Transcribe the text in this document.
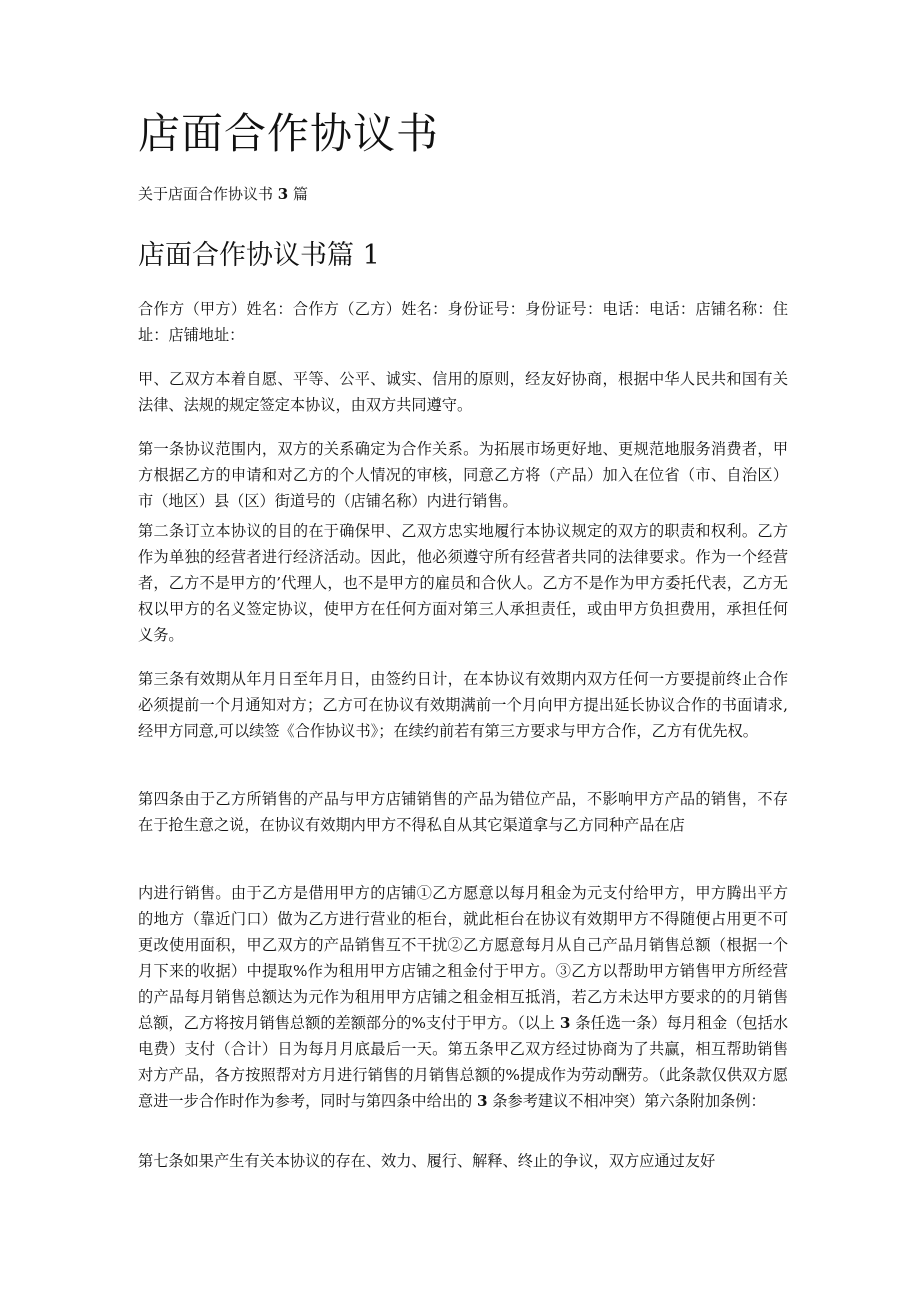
店面合作协议书

关于店面合作协议书 3 篇

店面合作协议书篇 1

合作方（甲方）姓名：合作方（乙方）姓名：身份证号：身份证号：电话：电话：店铺名称：住址：店铺地址：

甲、乙双方本着自愿、平等、公平、诚实、信用的原则，经友好协商，根据中华人民共和国有关法律、法规的规定签定本协议，由双方共同遵守。

第一条协议范围内，双方的关系确定为合作关系。为拓展市场更好地、更规范地服务消费者，甲方根据乙方的申请和对乙方的个人情况的审核，同意乙方将（产品）加入在位省（市、自治区）市（地区）县（区）街道号的（店铺名称）内进行销售。

第二条订立本协议的目的在于确保甲、乙双方忠实地履行本协议规定的双方的职责和权利。乙方作为单独的经营者进行经济活动。因此，他必须遵守所有经营者共同的法律要求。作为一个经营者，乙方不是甲方的’代理人，也不是甲方的雇员和合伙人。乙方不是作为甲方委托代表，乙方无权以甲方的名义签定协议，使甲方在任何方面对第三人承担责任，或由甲方负担费用，承担任何义务。

第三条有效期从年月日至年月日，由签约日计，在本协议有效期内双方任何一方要提前终止合作必须提前一个月通知对方；乙方可在协议有效期满前一个月向甲方提出延长协议合作的书面请求,经甲方同意,可以续签《合作协议书》；在续约前若有第三方要求与甲方合作，乙方有优先权。

第四条由于乙方所销售的产品与甲方店铺销售的产品为错位产品，不影响甲方产品的销售，不存在于抢生意之说，在协议有效期内甲方不得私自从其它渠道拿与乙方同种产品在店

内进行销售。由于乙方是借用甲方的店铺①乙方愿意以每月租金为元支付给甲方，甲方腾出平方的地方（靠近门口）做为乙方进行营业的柜台，就此柜台在协议有效期甲方不得随便占用更不可更改使用面积，甲乙双方的产品销售互不干扰②乙方愿意每月从自己产品月销售总额（根据一个月下来的收据）中提取%作为租用甲方店铺之租金付于甲方。③乙方以帮助甲方销售甲方所经营的产品每月销售总额达为元作为租用甲方店铺之租金相互抵消，若乙方未达甲方要求的的月销售总额，乙方将按月销售总额的差额部分的%支付于甲方。（以上 3 条任选一条）每月租金（包括水电费）支付（合计）日为每月月底最后一天。第五条甲乙双方经过协商为了共赢，相互帮助销售对方产品，各方按照帮对方月进行销售的月销售总额的%提成作为劳动酬劳。（此条款仅供双方愿意进一步合作时作为参考，同时与第四条中给出的 3 条参考建议不相冲突）第六条附加条例：

第七条如果产生有关本协议的存在、效力、履行、解释、终止的争议，双方应通过友好
